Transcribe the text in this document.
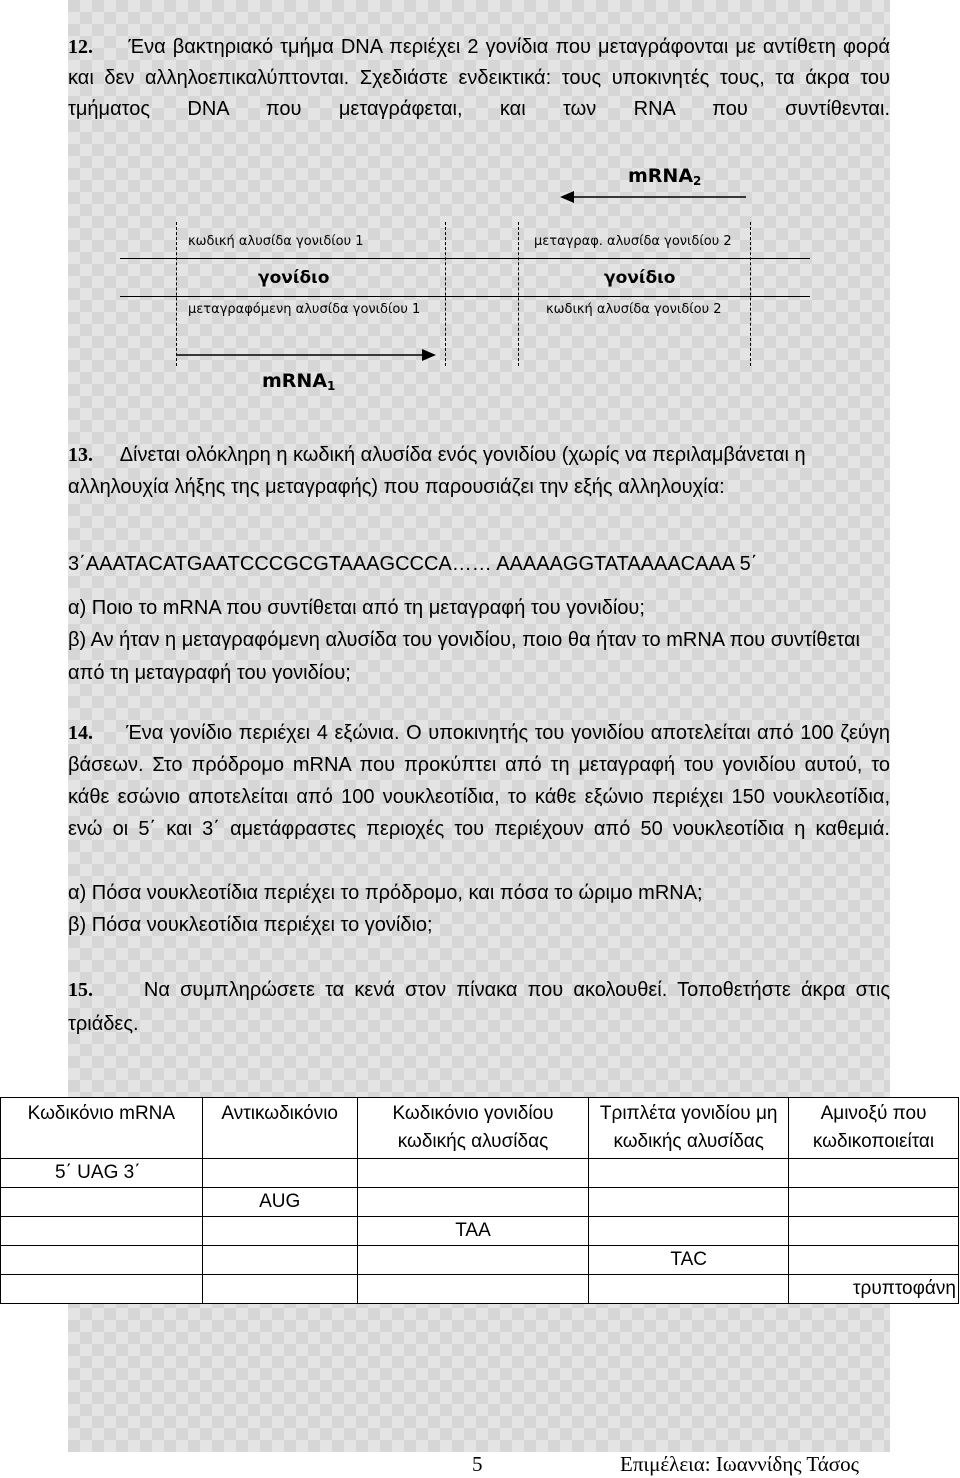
12. Ένα βακτηριακό τμήμα DNA περιέχει 2 γονίδια που μεταγράφονται με αντίθετη φορά και δεν αλληλοεπικαλύπτονται. Σχεδιάστε ενδεικτικά: τους υποκινητές τους, τα άκρα του τμήματος DNA που μεταγράφεται, και των RNA που συντίθενται.
mRNA$_2$
κωδική αλυσίδα γονιδίου 1	μεταγραφ. αλυσίδα γονιδίου 2
γονίδιο	γονίδιο
μεταγραφόμενη αλυσίδα γονιδίου 1	κωδική αλυσίδα γονιδίου 2
mRNA$_1$
13. Δίνεται ολόκληρη η κωδική αλυσίδα ενός γονιδίου (χωρίς να περιλαμβάνεται η αλληλουχία λήξης της μεταγραφής) που παρουσιάζει την εξής αλληλουχία:
3΄AAATACATGAATCCCGCGTAAAGCCCA…… AAAAAGGTATAAAACAAA 5΄
α) Ποιο το mRNA που συντίθεται από τη μεταγραφή του γονιδίου;
β) Αν ήταν η μεταγραφόμενη αλυσίδα του γονιδίου, ποιο θα ήταν το mRNA που συντίθεται από τη μεταγραφή του γονιδίου;
14. Ένα γονίδιο περιέχει 4 εξώνια. Ο υποκινητής του γονιδίου αποτελείται από 100 ζεύγη βάσεων. Στο πρόδρομο mRNA που προκύπτει από τη μεταγραφή του γονιδίου αυτού, το κάθε εσώνιο αποτελείται από 100 νουκλεοτίδια, το κάθε εξώνιο περιέχει 150 νουκλεοτίδια, ενώ οι 5΄ και 3΄ αμετάφραστες περιοχές του περιέχουν από 50 νουκλεοτίδια η καθεμιά.
α) Πόσα νουκλεοτίδια περιέχει το πρόδρομο, και πόσα το ώριμο mRNA;
β) Πόσα νουκλεοτίδια περιέχει το γονίδιο;
15.	Να συμπληρώσετε τα κενά στον πίνακα που ακολουθεί. Τοποθετήστε άκρα στις τριάδες.
Κωδικόνιο mRNA	Αντικωδικόνιο	Κωδικόνιο γονιδίου κωδικής αλυσίδας	Τριπλέτα γονιδίου μη κωδικής αλυσίδας	Αμινοξύ που κωδικοποιείται
5΄ UAG 3΄				
	AUG			
		TAA		
			TAC	
				τρυπτοφάνη
5	Επιμέλεια: Ιωαννίδης Τάσος
